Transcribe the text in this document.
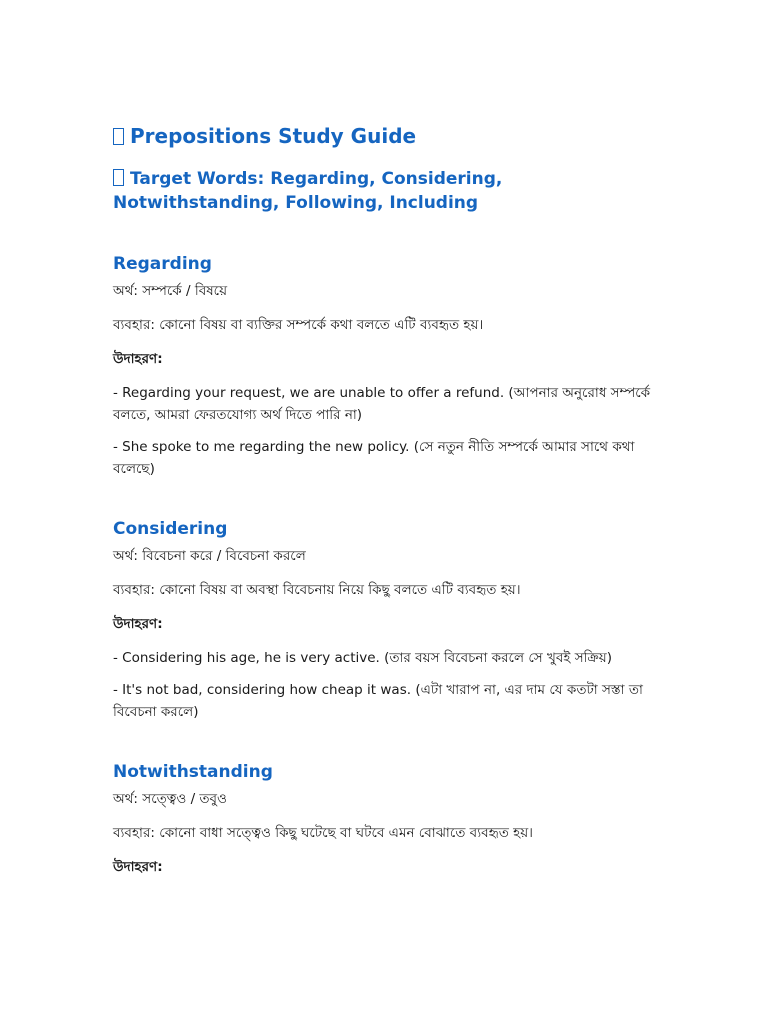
Prepositions Study Guide
Target Words: Regarding, Considering, Notwithstanding, Following, Including
Regarding

অর্থ: সম্পর্কে / বিষয়ে

ব্যবহার: কোনো বিষয় বা ব্যক্তির সম্পর্কে কথা বলতে এটি ব্যবহৃত হয়।

উদাহরণ:

- Regarding your request, we are unable to offer a refund. (আপনার অনুরোধ সম্পর্কে বলতে, আমরা ফেরতযোগ্য অর্থ দিতে পারি না)

- She spoke to me regarding the new policy. (সে নতুন নীতি সম্পর্কে আমার সাথে কথা বলেছে)

Considering

অর্থ: বিবেচনা করে / বিবেচনা করলে

ব্যবহার: কোনো বিষয় বা অবস্থা বিবেচনায় নিয়ে কিছু বলতে এটি ব্যবহৃত হয়।

উদাহরণ:

- Considering his age, he is very active. (তার বয়স বিবেচনা করলে সে খুবই সক্রিয়)

- It's not bad, considering how cheap it was. (এটা খারাপ না, এর দাম যে কতটা সস্তা তা বিবেচনা করলে)

Notwithstanding

অর্থ: সত্ত্বেও / তবুও

ব্যবহার: কোনো বাধা সত্ত্বেও কিছু ঘটেছে বা ঘটবে এমন বোঝাতে ব্যবহৃত হয়।

উদাহরণ:
